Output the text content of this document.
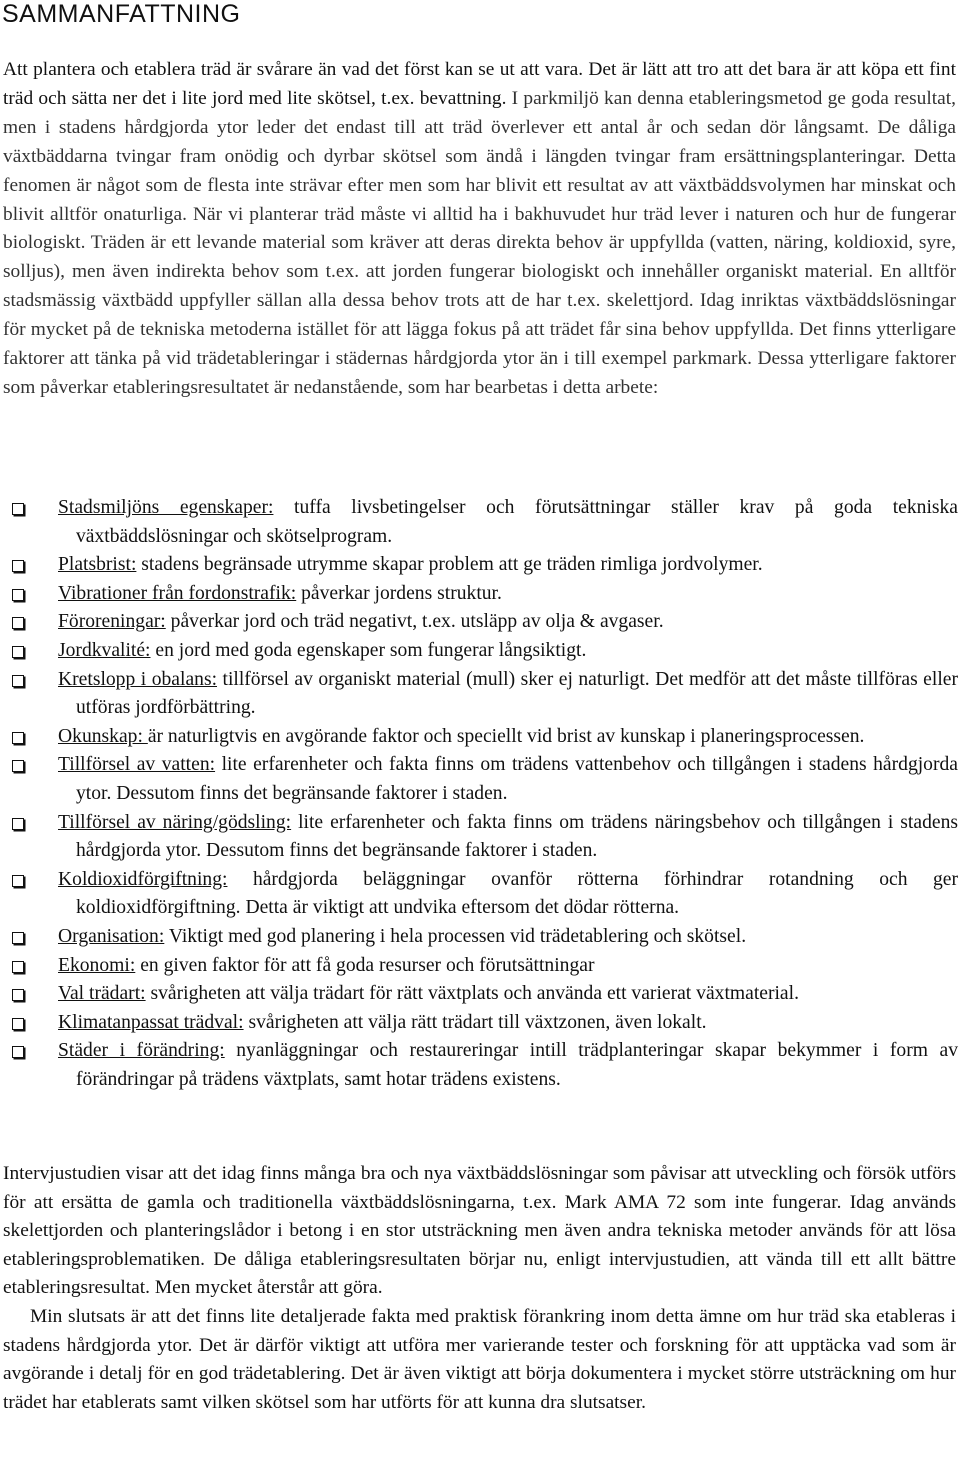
SAMMANFATTNING

Att plantera och etablera träd är svårare än vad det först kan se ut att vara. Det är lätt att tro att det bara är att köpa ett fint träd och sätta ner det i lite jord med lite skötsel, t.ex. bevattning. I parkmiljö kan denna etableringsmetod ge goda resultat, men i stadens hårdgjorda ytor leder det endast till att träd överlever ett antal år och sedan dör långsamt. De dåliga växtbäddarna tvingar fram onödig och dyrbar skötsel som ändå i längden tvingar fram ersättningsplanteringar. Detta fenomen är något som de flesta inte strävar efter men som har blivit ett resultat av att växtbäddsvolymen har minskat och blivit alltför onaturliga. När vi planterar träd måste vi alltid ha i bakhuvudet hur träd lever i naturen och hur de fungerar biologiskt. Träden är ett levande material som kräver att deras direkta behov är uppfyllda (vatten, näring, koldioxid, syre, solljus), men även indirekta behov som t.ex. att jorden fungerar biologiskt och innehåller organiskt material. En alltför stadsmässig växtbädd uppfyller sällan alla dessa behov trots att de har t.ex. skelettjord. Idag inriktas växtbäddslösningar för mycket på de tekniska metoderna istället för att lägga fokus på att trädet får sina behov uppfyllda. Det finns ytterligare faktorer att tänka på vid trädetableringar i städernas hårdgjorda ytor än i till exempel parkmark. Dessa ytterligare faktorer som påverkar etableringsresultatet är nedanstående, som har bearbetas i detta arbete:

Stadsmiljöns egenskaper: tuffa livsbetingelser och förutsättningar ställer krav på goda tekniska växtbäddslösningar och skötselprogram.
Platsbrist: stadens begränsade utrymme skapar problem att ge träden rimliga jordvolymer.
Vibrationer från fordonstrafik: påverkar jordens struktur.
Föroreningar: påverkar jord och träd negativt, t.ex. utsläpp av olja & avgaser.
Jordkvalité: en jord med goda egenskaper som fungerar långsiktigt.
Kretslopp i obalans: tillförsel av organiskt material (mull) sker ej naturligt. Det medför att det måste tillföras eller utföras jordförbättring.
Okunskap: är naturligtvis en avgörande faktor och speciellt vid brist av kunskap i planeringsprocessen.
Tillförsel av vatten: lite erfarenheter och fakta finns om trädens vattenbehov och tillgången i stadens hårdgjorda ytor. Dessutom finns det begränsande faktorer i staden.
Tillförsel av näring/gödsling: lite erfarenheter och fakta finns om trädens näringsbehov och tillgången i stadens hårdgjorda ytor. Dessutom finns det begränsande faktorer i staden.
Koldioxidförgiftning: hårdgjorda beläggningar ovanför rötterna förhindrar rotandning och ger koldioxidförgiftning. Detta är viktigt att undvika eftersom det dödar rötterna.
Organisation: Viktigt med god planering i hela processen vid trädetablering och skötsel.
Ekonomi: en given faktor för att få goda resurser och förutsättningar
Val trädart: svårigheten att välja trädart för rätt växtplats och använda ett varierat växtmaterial.
Klimatanpassat trädval: svårigheten att välja rätt trädart till växtzonen, även lokalt.
Städer i förändring: nyanläggningar och restaureringar intill trädplanteringar skapar bekymmer i form av förändringar på trädens växtplats, samt hotar trädens existens.

Intervjustudien visar att det idag finns många bra och nya växtbäddslösningar som påvisar att utveckling och försök utförs för att ersätta de gamla och traditionella växtbäddslösningarna, t.ex. Mark AMA 72 som inte fungerar. Idag används skelettjorden och planteringslådor i betong i en stor utsträckning men även andra tekniska metoder används för att lösa etableringsproblematiken. De dåliga etableringsresultaten börjar nu, enligt intervjustudien, att vända till ett allt bättre etableringsresultat. Men mycket återstår att göra.

Min slutsats är att det finns lite detaljerade fakta med praktisk förankring inom detta ämne om hur träd ska etableras i stadens hårdgjorda ytor. Det är därför viktigt att utföra mer varierande tester och forskning för att upptäcka vad som är avgörande i detalj för en god trädetablering. Det är även viktigt att börja dokumentera i mycket större utsträckning om hur trädet har etablerats samt vilken skötsel som har utförts för att kunna dra slutsatser.
